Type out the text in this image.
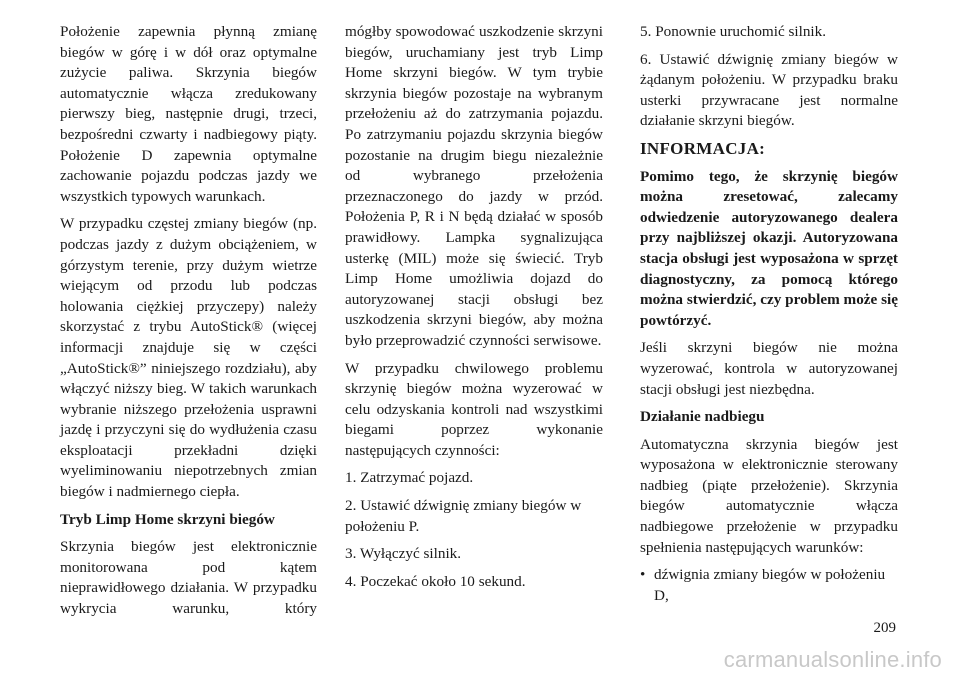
Położenie zapewnia płynną zmianę biegów w górę i w dół oraz optymalne zużycie paliwa. Skrzynia biegów automatycznie włącza zredukowany pierwszy bieg, następnie drugi, trzeci, bezpośredni czwarty i nadbiegowy piąty. Położenie D zapewnia optymalne zachowanie pojazdu podczas jazdy we wszystkich typowych warunkach.

W przypadku częstej zmiany biegów (np. podczas jazdy z dużym obciążeniem, w górzystym terenie, przy dużym wietrze wiejącym od przodu lub podczas holowania ciężkiej przyczepy) należy skorzystać z trybu AutoStick® (więcej informacji znajduje się w części „AutoStick®” niniejszego rozdziału), aby włączyć niższy bieg. W takich warunkach wybranie niższego przełożenia usprawni jazdę i przyczyni się do wydłużenia czasu eksploatacji przekładni dzięki wyeliminowaniu niepotrzebnych zmian biegów i nadmiernego ciepła.

Tryb Limp Home skrzyni biegów

Skrzynia biegów jest elektronicznie monitorowana pod kątem nieprawidłowego działania. W przypadku wykrycia warunku, który

mógłby spowodować uszkodzenie skrzyni biegów, uruchamiany jest tryb Limp Home skrzyni biegów. W tym trybie skrzynia biegów pozostaje na wybranym przełożeniu aż do zatrzymania pojazdu. Po zatrzymaniu pojazdu skrzynia biegów pozostanie na drugim biegu niezależnie od wybranego przełożenia przeznaczonego do jazdy w przód. Położenia P, R i N będą działać w sposób prawidłowy. Lampka sygnalizująca usterkę (MIL) może się świecić. Tryb Limp Home umożliwia dojazd do autoryzowanej stacji obsługi bez uszkodzenia skrzyni biegów, aby można było przeprowadzić czynności serwisowe.

W przypadku chwilowego problemu skrzynię biegów można wyzerować w celu odzyskania kontroli nad wszystkimi biegami poprzez wykonanie następujących czynności:

1. Zatrzymać pojazd.

2. Ustawić dźwignię zmiany biegów w położeniu P.

3. Wyłączyć silnik.

4. Poczekać około 10 sekund.

5. Ponownie uruchomić silnik.

6. Ustawić dźwignię zmiany biegów w żądanym położeniu. W przypadku braku usterki przywracane jest normalne działanie skrzyni biegów.

INFORMACJA:

Pomimo tego, że skrzynię biegów można zresetować, zalecamy odwiedzenie autoryzowanego dealera przy najbliższej okazji. Autoryzowana stacja obsługi jest wyposażona w sprzęt diagnostyczny, za pomocą którego można stwierdzić, czy problem może się powtórzyć.

Jeśli skrzyni biegów nie można wyzerować, kontrola w autoryzowanej stacji obsługi jest niezbędna.

Działanie nadbiegu

Automatyczna skrzynia biegów jest wyposażona w elektronicznie sterowany nadbieg (piąte przełożenie). Skrzynia biegów automatycznie włącza nadbiegowe przełożenie w przypadku spełnienia następujących warunków:

• dźwignia zmiany biegów w położeniu D,

209
carmanualsonline.info
